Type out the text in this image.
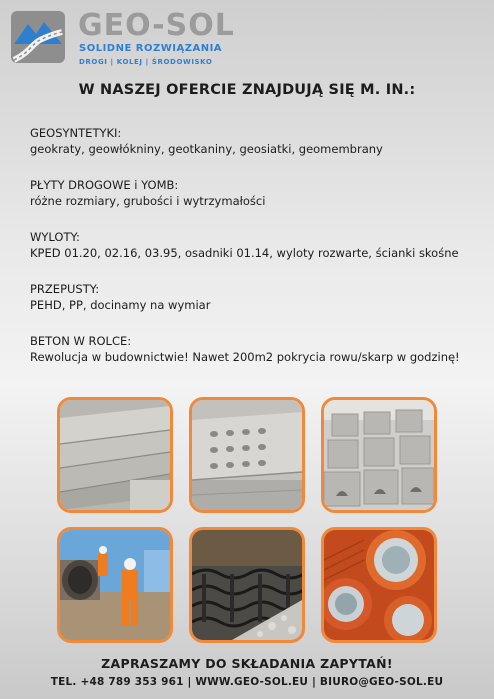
GEO-SOL
SOLIDNE ROZWIĄZANIA
DROGI | KOLEJ | ŚRODOWISKO
W NASZEJ OFERCIE ZNAJDUJĄ SIĘ M. IN.:
GEOSYNTETYKI:
geokraty, geowłókniny, geotkaniny, geosiatki, geomembrany
PŁYTY DROGOWE i YOMB:
różne rozmiary, grubości i wytrzymałości
WYLOTY:
KPED 01.20, 02.16, 03.95, osadniki 01.14, wyloty rozwarte, ścianki skośne
PRZEPUSTY:
PEHD, PP, docinamy na wymiar
BETON W ROLCE:
Rewolucja w budownictwie! Nawet 200m2 pokrycia rowu/skarp w godzinę!
ZAPRASZAMY DO SKŁADANIA ZAPYTAŃ!
TEL. +48 789 353 961 | WWW.GEO-SOL.EU | BIURO@GEO-SOL.EU
